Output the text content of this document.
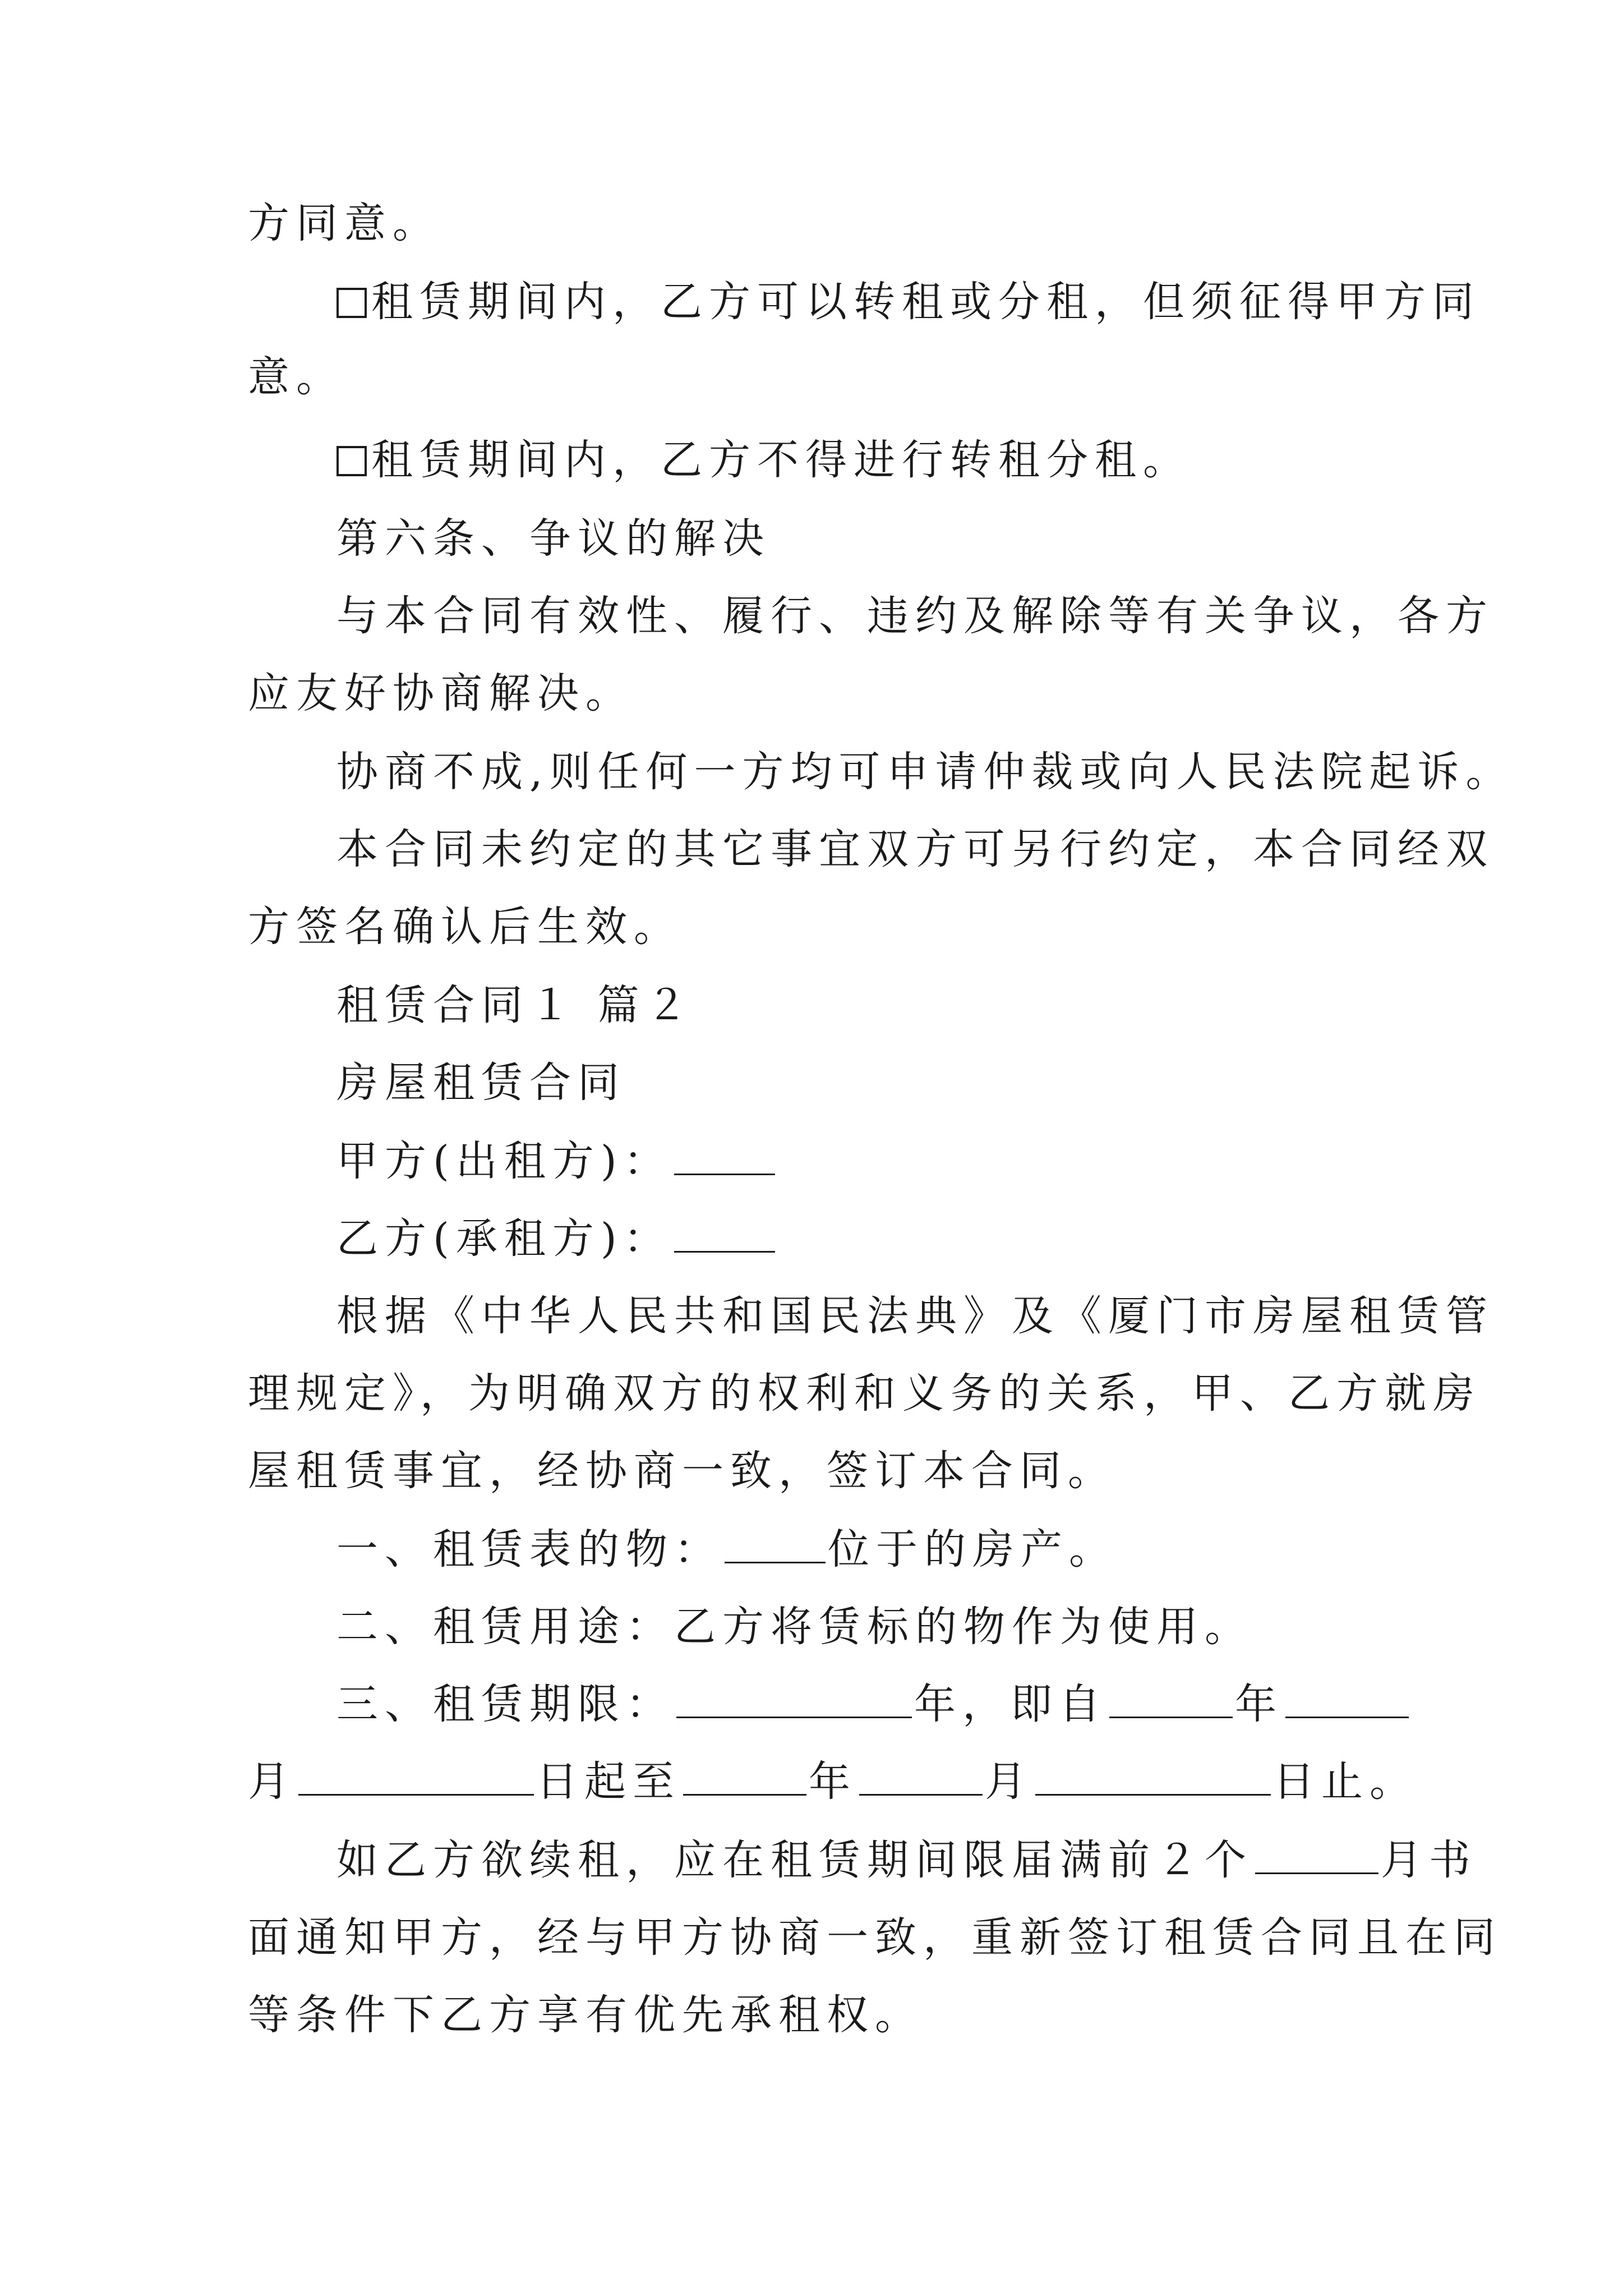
方同意。
租赁期间内，乙方可以转租或分租，但须征得甲方同
意。
租赁期间内，乙方不得进行转租分租。
第六条、争议的解决
与本合同有效性、履行、违约及解除等有关争议，各方
应友好协商解决。
协商不成,则任何一方均可申请仲裁或向人民法院起诉。
本合同未约定的其它事宜双方可另行约定，本合同经双
方签名确认后生效。
租赁合同１ 篇２
房屋租赁合同
甲方(出租方)：
乙方(承租方)：
根据《中华人民共和国民法典》及《厦门市房屋租赁管
理规定》，为明确双方的权利和义务的关系，甲、乙方就房
屋租赁事宜，经协商一致，签订本合同。
一、租赁表的物：	位于的房产。
二、租赁用途：乙方将赁标的物作为使用。
三、租赁期限：	年，即自	年
月	日起至	年	月	日止。
如乙方欲续租，应在租赁期间限届满前２个	月书
面通知甲方，经与甲方协商一致，重新签订租赁合同且在同
等条件下乙方享有优先承租权。
